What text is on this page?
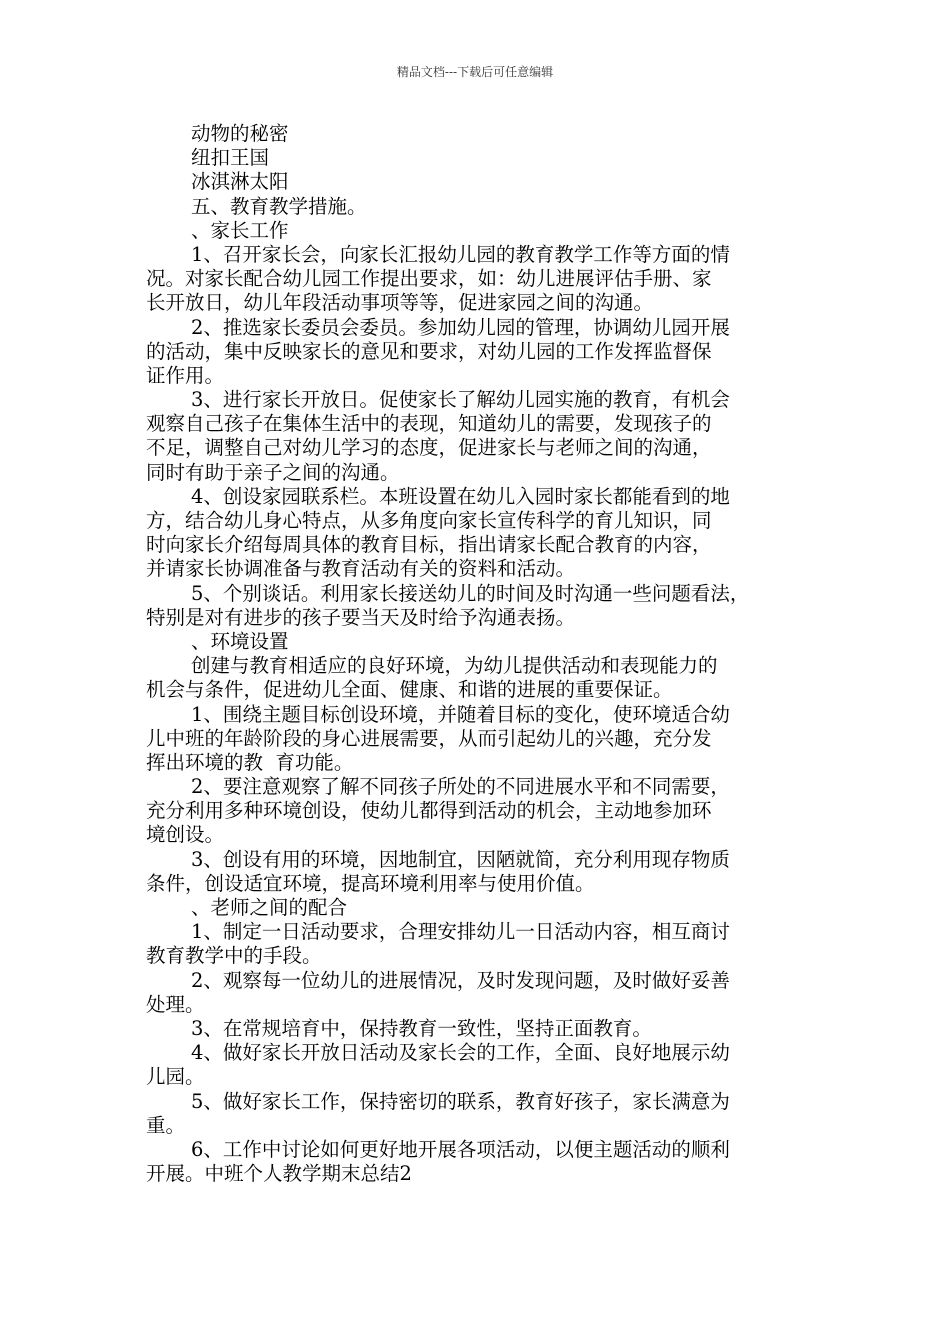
精品文档---下载后可任意编辑
动物的秘密
纽扣王国
冰淇淋太阳
五、教育教学措施。
、家长工作
1、召开家长会，向家长汇报幼儿园的教育教学工作等方面的情
况。对家长配合幼儿园工作提出要求，如：幼儿进展评估手册、家
长开放日，幼儿年段活动事项等等，促进家园之间的沟通。
2、推选家长委员会委员。参加幼儿园的管理，协调幼儿园开展
的活动，集中反映家长的意见和要求，对幼儿园的工作发挥监督保
证作用。
3、进行家长开放日。促使家长了解幼儿园实施的教育，有机会
观察自己孩子在集体生活中的表现，知道幼儿的需要，发现孩子的
不足，调整自己对幼儿学习的态度，促进家长与老师之间的沟通，
同时有助于亲子之间的沟通。
4、创设家园联系栏。本班设置在幼儿入园时家长都能看到的地
方，结合幼儿身心特点，从多角度向家长宣传科学的育儿知识，同
时向家长介绍每周具体的教育目标，指出请家长配合教育的内容，
并请家长协调准备与教育活动有关的资料和活动。
5、个别谈话。利用家长接送幼儿的时间及时沟通一些问题看法，
特别是对有进步的孩子要当天及时给予沟通表扬。
、环境设置
创建与教育相适应的良好环境，为幼儿提供活动和表现能力的
机会与条件，促进幼儿全面、健康、和谐的进展的重要保证。
1、围绕主题目标创设环境，并随着目标的变化，使环境适合幼
儿中班的年龄阶段的身心进展需要，从而引起幼儿的兴趣，充分发
挥出环境的教  育功能。
2、要注意观察了解不同孩子所处的不同进展水平和不同需要，
充分利用多种环境创设，使幼儿都得到活动的机会，主动地参加环
境创设。
3、创设有用的环境，因地制宜，因陋就简，充分利用现存物质
条件，创设适宜环境，提高环境利用率与使用价值。
、老师之间的配合
1、制定一日活动要求，合理安排幼儿一日活动内容，相互商讨
教育教学中的手段。
2、观察每一位幼儿的进展情况，及时发现问题，及时做好妥善
处理。
3、在常规培育中，保持教育一致性，坚持正面教育。
4、做好家长开放日活动及家长会的工作，全面、良好地展示幼
儿园。
5、做好家长工作，保持密切的联系，教育好孩子，家长满意为
重。
6、工作中讨论如何更好地开展各项活动，以便主题活动的顺利
开展。中班个人教学期末总结2
